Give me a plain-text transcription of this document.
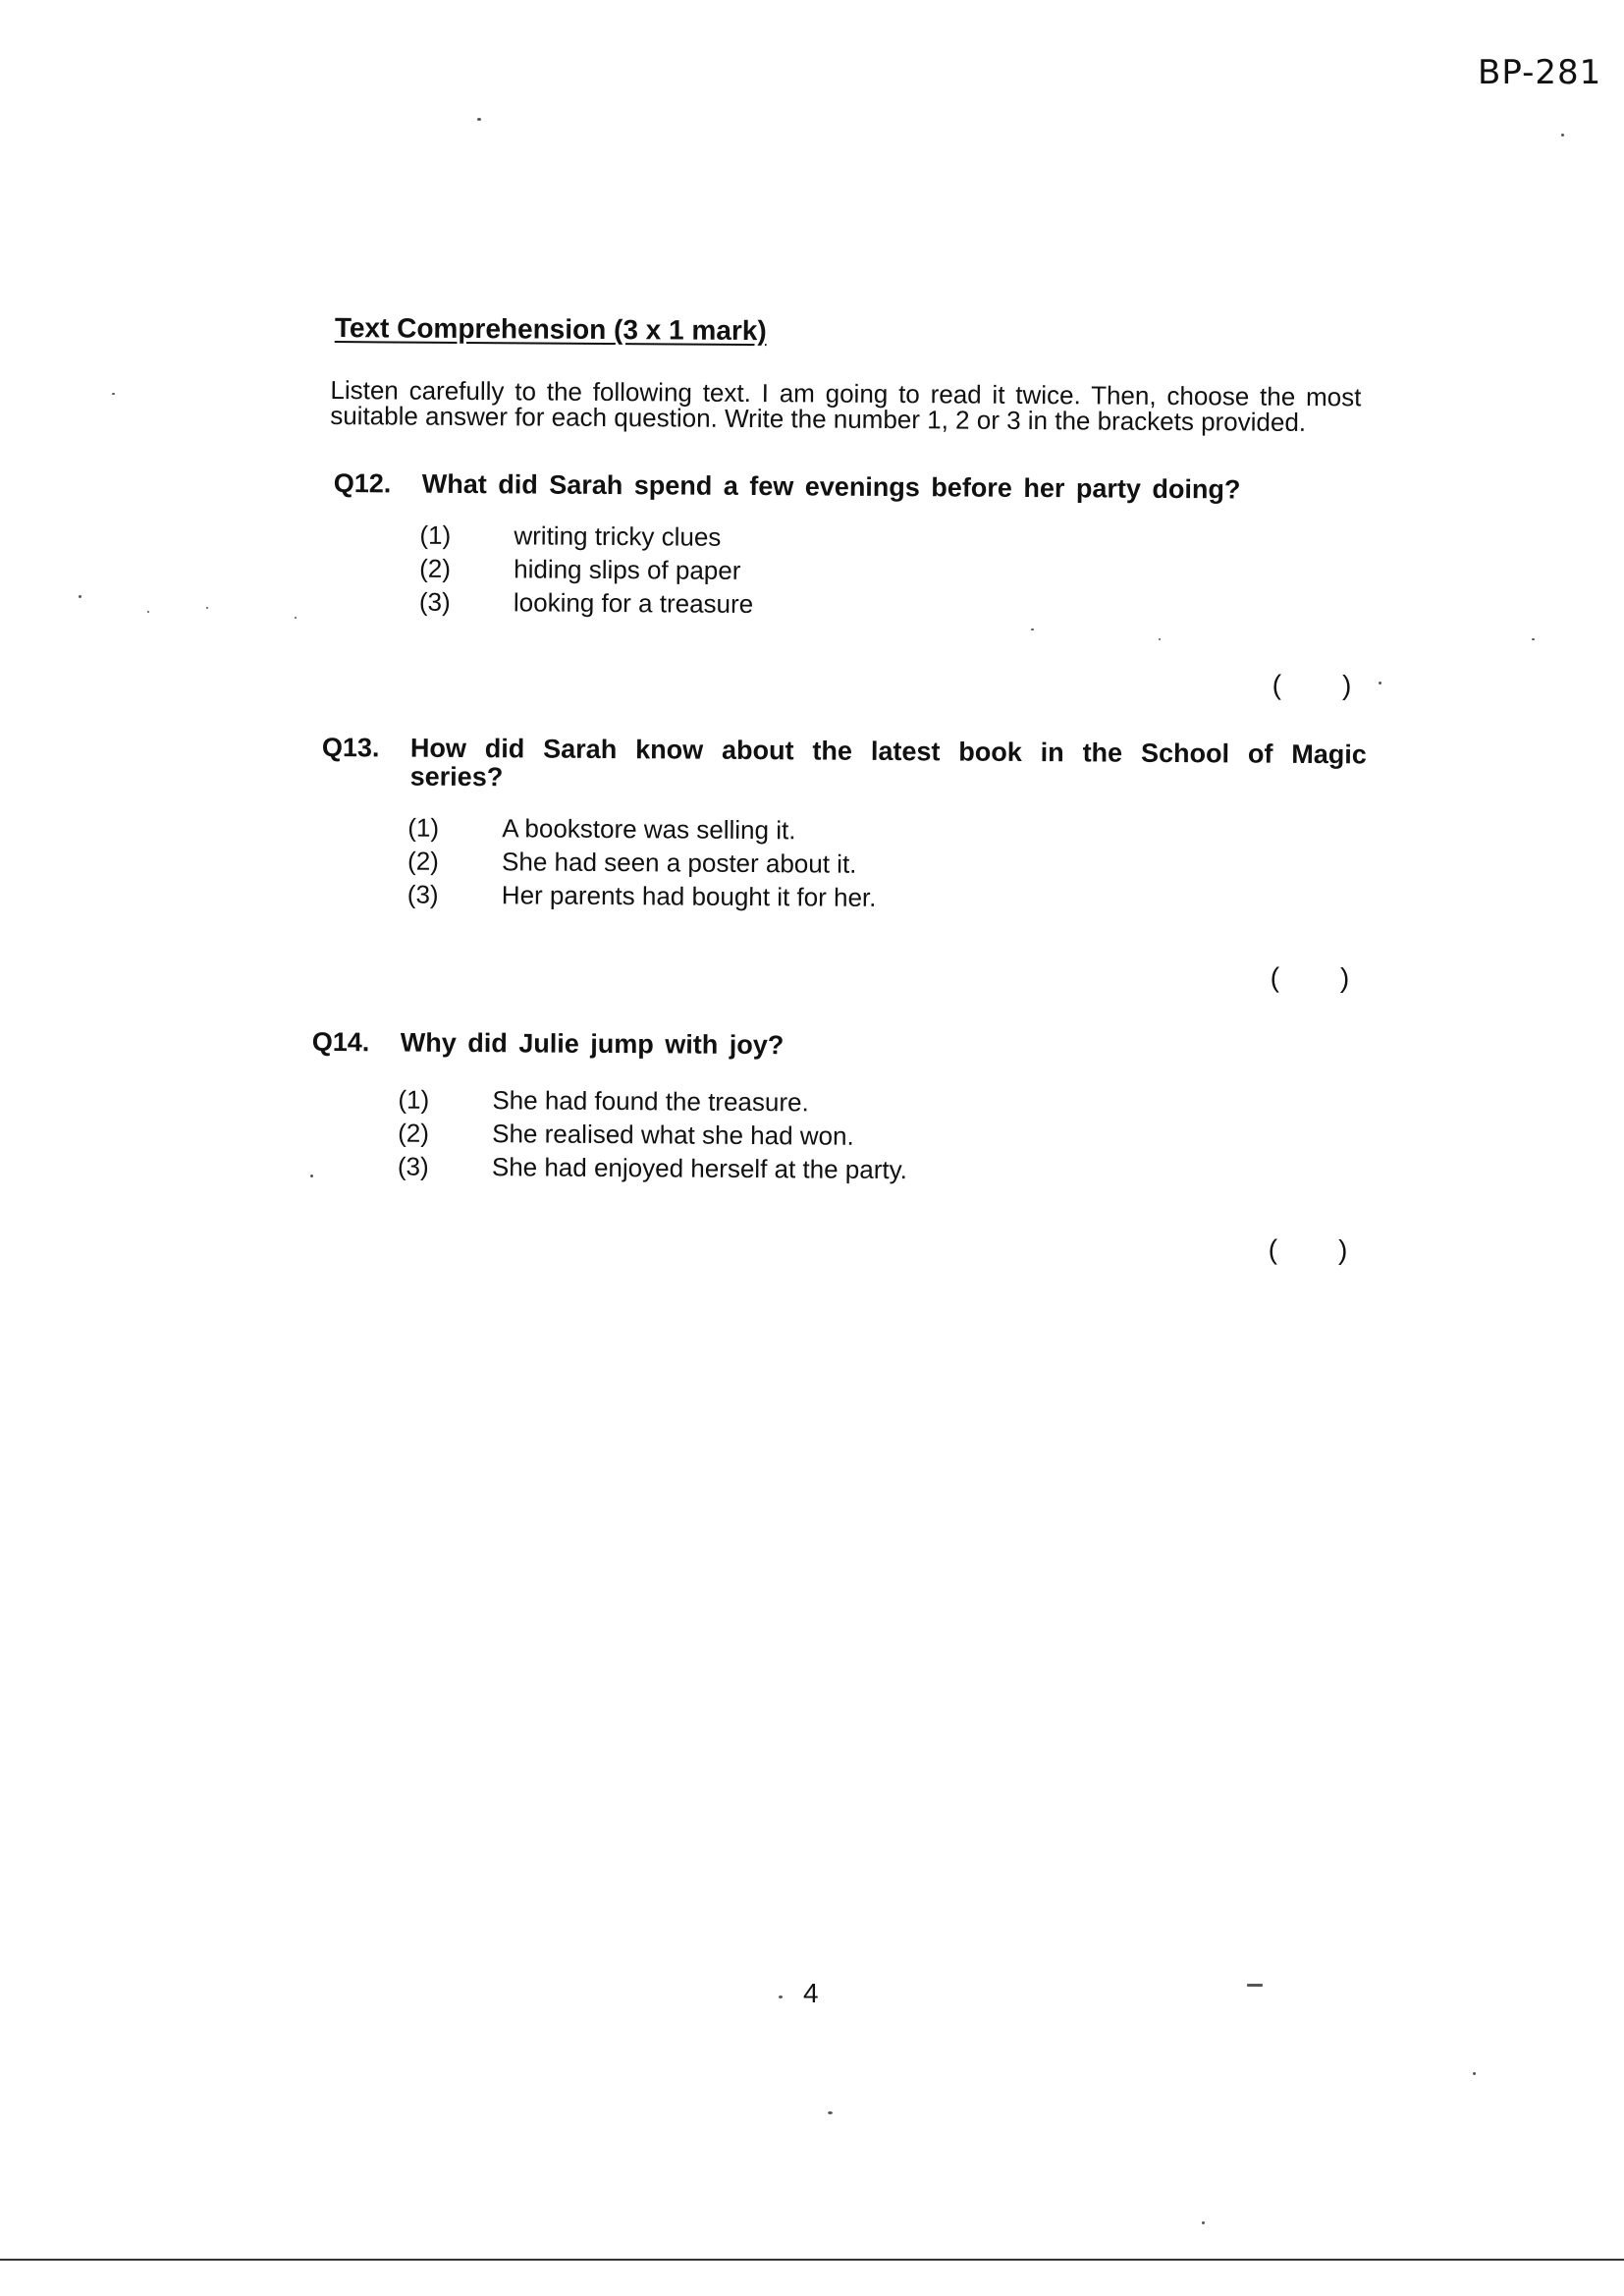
BP-281
Text Comprehension (3 x 1 mark)
Listen carefully to the following text. I am going to read it twice. Then, choose the most suitable answer for each question. Write the number 1, 2 or 3 in the brackets provided.
Q12.	What did Sarah spend a few evenings before her party doing?
(1)	writing tricky clues
(2)	hiding slips of paper
(3)	looking for a treasure
( )
Q13.	How did Sarah know about the latest book in the School of Magic series?
(1)	A bookstore was selling it.
(2)	She had seen a poster about it.
(3)	Her parents had bought it for her.
( )
Q14.	Why did Julie jump with joy?
(1)	She had found the treasure.
(2)	She realised what she had won.
(3)	She had enjoyed herself at the party.
( )
4
